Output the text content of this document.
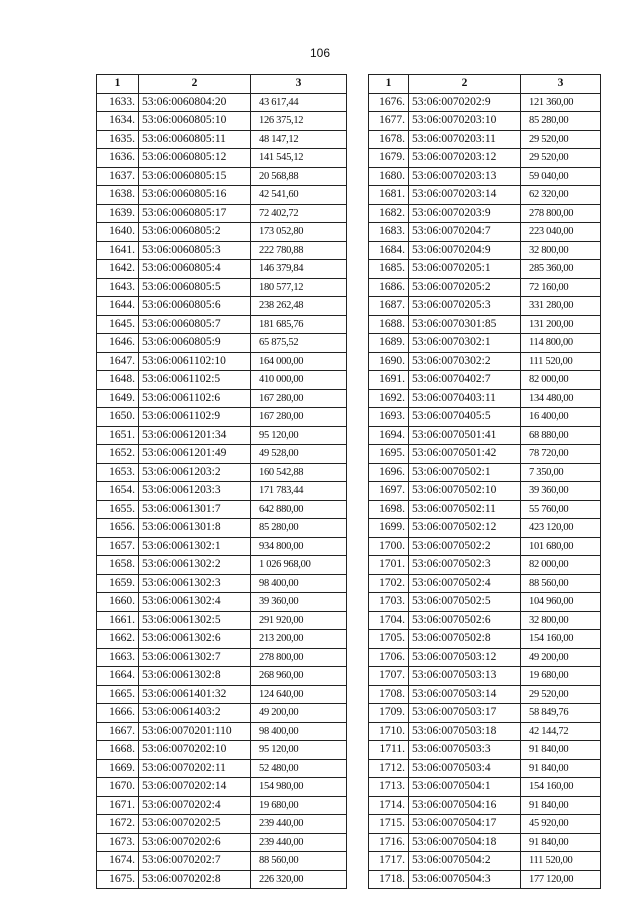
106
1	2	3
1633.	53:06:0060804:20	43 617,44
1634.	53:06:0060805:10	126 375,12
1635.	53:06:0060805:11	48 147,12
1636.	53:06:0060805:12	141 545,12
1637.	53:06:0060805:15	20 568,88
1638.	53:06:0060805:16	42 541,60
1639.	53:06:0060805:17	72 402,72
1640.	53:06:0060805:2	173 052,80
1641.	53:06:0060805:3	222 780,88
1642.	53:06:0060805:4	146 379,84
1643.	53:06:0060805:5	180 577,12
1644.	53:06:0060805:6	238 262,48
1645.	53:06:0060805:7	181 685,76
1646.	53:06:0060805:9	65 875,52
1647.	53:06:0061102:10	164 000,00
1648.	53:06:0061102:5	410 000,00
1649.	53:06:0061102:6	167 280,00
1650.	53:06:0061102:9	167 280,00
1651.	53:06:0061201:34	95 120,00
1652.	53:06:0061201:49	49 528,00
1653.	53:06:0061203:2	160 542,88
1654.	53:06:0061203:3	171 783,44
1655.	53:06:0061301:7	642 880,00
1656.	53:06:0061301:8	85 280,00
1657.	53:06:0061302:1	934 800,00
1658.	53:06:0061302:2	1 026 968,00
1659.	53:06:0061302:3	98 400,00
1660.	53:06:0061302:4	39 360,00
1661.	53:06:0061302:5	291 920,00
1662.	53:06:0061302:6	213 200,00
1663.	53:06:0061302:7	278 800,00
1664.	53:06:0061302:8	268 960,00
1665.	53:06:0061401:32	124 640,00
1666.	53:06:0061403:2	49 200,00
1667.	53:06:0070201:110	98 400,00
1668.	53:06:0070202:10	95 120,00
1669.	53:06:0070202:11	52 480,00
1670.	53:06:0070202:14	154 980,00
1671.	53:06:0070202:4	19 680,00
1672.	53:06:0070202:5	239 440,00
1673.	53:06:0070202:6	239 440,00
1674.	53:06:0070202:7	88 560,00
1675.	53:06:0070202:8	226 320,00
1	2	3
1676.	53:06:0070202:9	121 360,00
1677.	53:06:0070203:10	85 280,00
1678.	53:06:0070203:11	29 520,00
1679.	53:06:0070203:12	29 520,00
1680.	53:06:0070203:13	59 040,00
1681.	53:06:0070203:14	62 320,00
1682.	53:06:0070203:9	278 800,00
1683.	53:06:0070204:7	223 040,00
1684.	53:06:0070204:9	32 800,00
1685.	53:06:0070205:1	285 360,00
1686.	53:06:0070205:2	72 160,00
1687.	53:06:0070205:3	331 280,00
1688.	53:06:0070301:85	131 200,00
1689.	53:06:0070302:1	114 800,00
1690.	53:06:0070302:2	111 520,00
1691.	53:06:0070402:7	82 000,00
1692.	53:06:0070403:11	134 480,00
1693.	53:06:0070405:5	16 400,00
1694.	53:06:0070501:41	68 880,00
1695.	53:06:0070501:42	78 720,00
1696.	53:06:0070502:1	7 350,00
1697.	53:06:0070502:10	39 360,00
1698.	53:06:0070502:11	55 760,00
1699.	53:06:0070502:12	423 120,00
1700.	53:06:0070502:2	101 680,00
1701.	53:06:0070502:3	82 000,00
1702.	53:06:0070502:4	88 560,00
1703.	53:06:0070502:5	104 960,00
1704.	53:06:0070502:6	32 800,00
1705.	53:06:0070502:8	154 160,00
1706.	53:06:0070503:12	49 200,00
1707.	53:06:0070503:13	19 680,00
1708.	53:06:0070503:14	29 520,00
1709.	53:06:0070503:17	58 849,76
1710.	53:06:0070503:18	42 144,72
1711.	53:06:0070503:3	91 840,00
1712.	53:06:0070503:4	91 840,00
1713.	53:06:0070504:1	154 160,00
1714.	53:06:0070504:16	91 840,00
1715.	53:06:0070504:17	45 920,00
1716.	53:06:0070504:18	91 840,00
1717.	53:06:0070504:2	111 520,00
1718.	53:06:0070504:3	177 120,00
